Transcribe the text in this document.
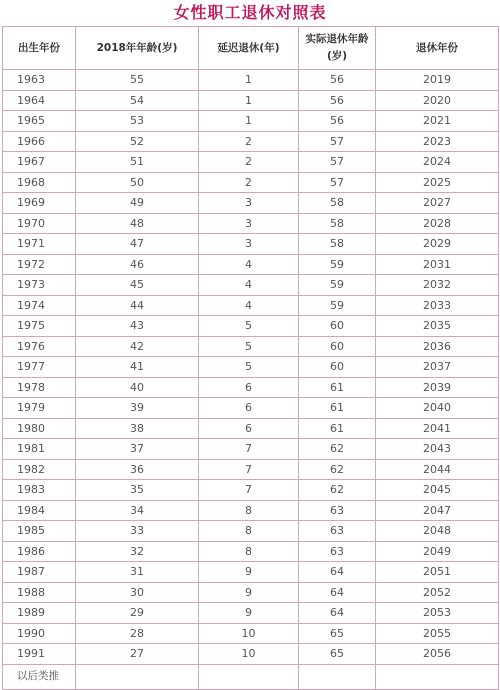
女性职工退休对照表
出生年份	2018年年龄(岁)	延迟退休(年)	实际退休年龄(岁)	退休年份
1963	55	1	56	2019
1964	54	1	56	2020
1965	53	1	56	2021
1966	52	2	57	2023
1967	51	2	57	2024
1968	50	2	57	2025
1969	49	3	58	2027
1970	48	3	58	2028
1971	47	3	58	2029
1972	46	4	59	2031
1973	45	4	59	2032
1974	44	4	59	2033
1975	43	5	60	2035
1976	42	5	60	2036
1977	41	5	60	2037
1978	40	6	61	2039
1979	39	6	61	2040
1980	38	6	61	2041
1981	37	7	62	2043
1982	36	7	62	2044
1983	35	7	62	2045
1984	34	8	63	2047
1985	33	8	63	2048
1986	32	8	63	2049
1987	31	9	64	2051
1988	30	9	64	2052
1989	29	9	64	2053
1990	28	10	65	2055
1991	27	10	65	2056
以后类推				
